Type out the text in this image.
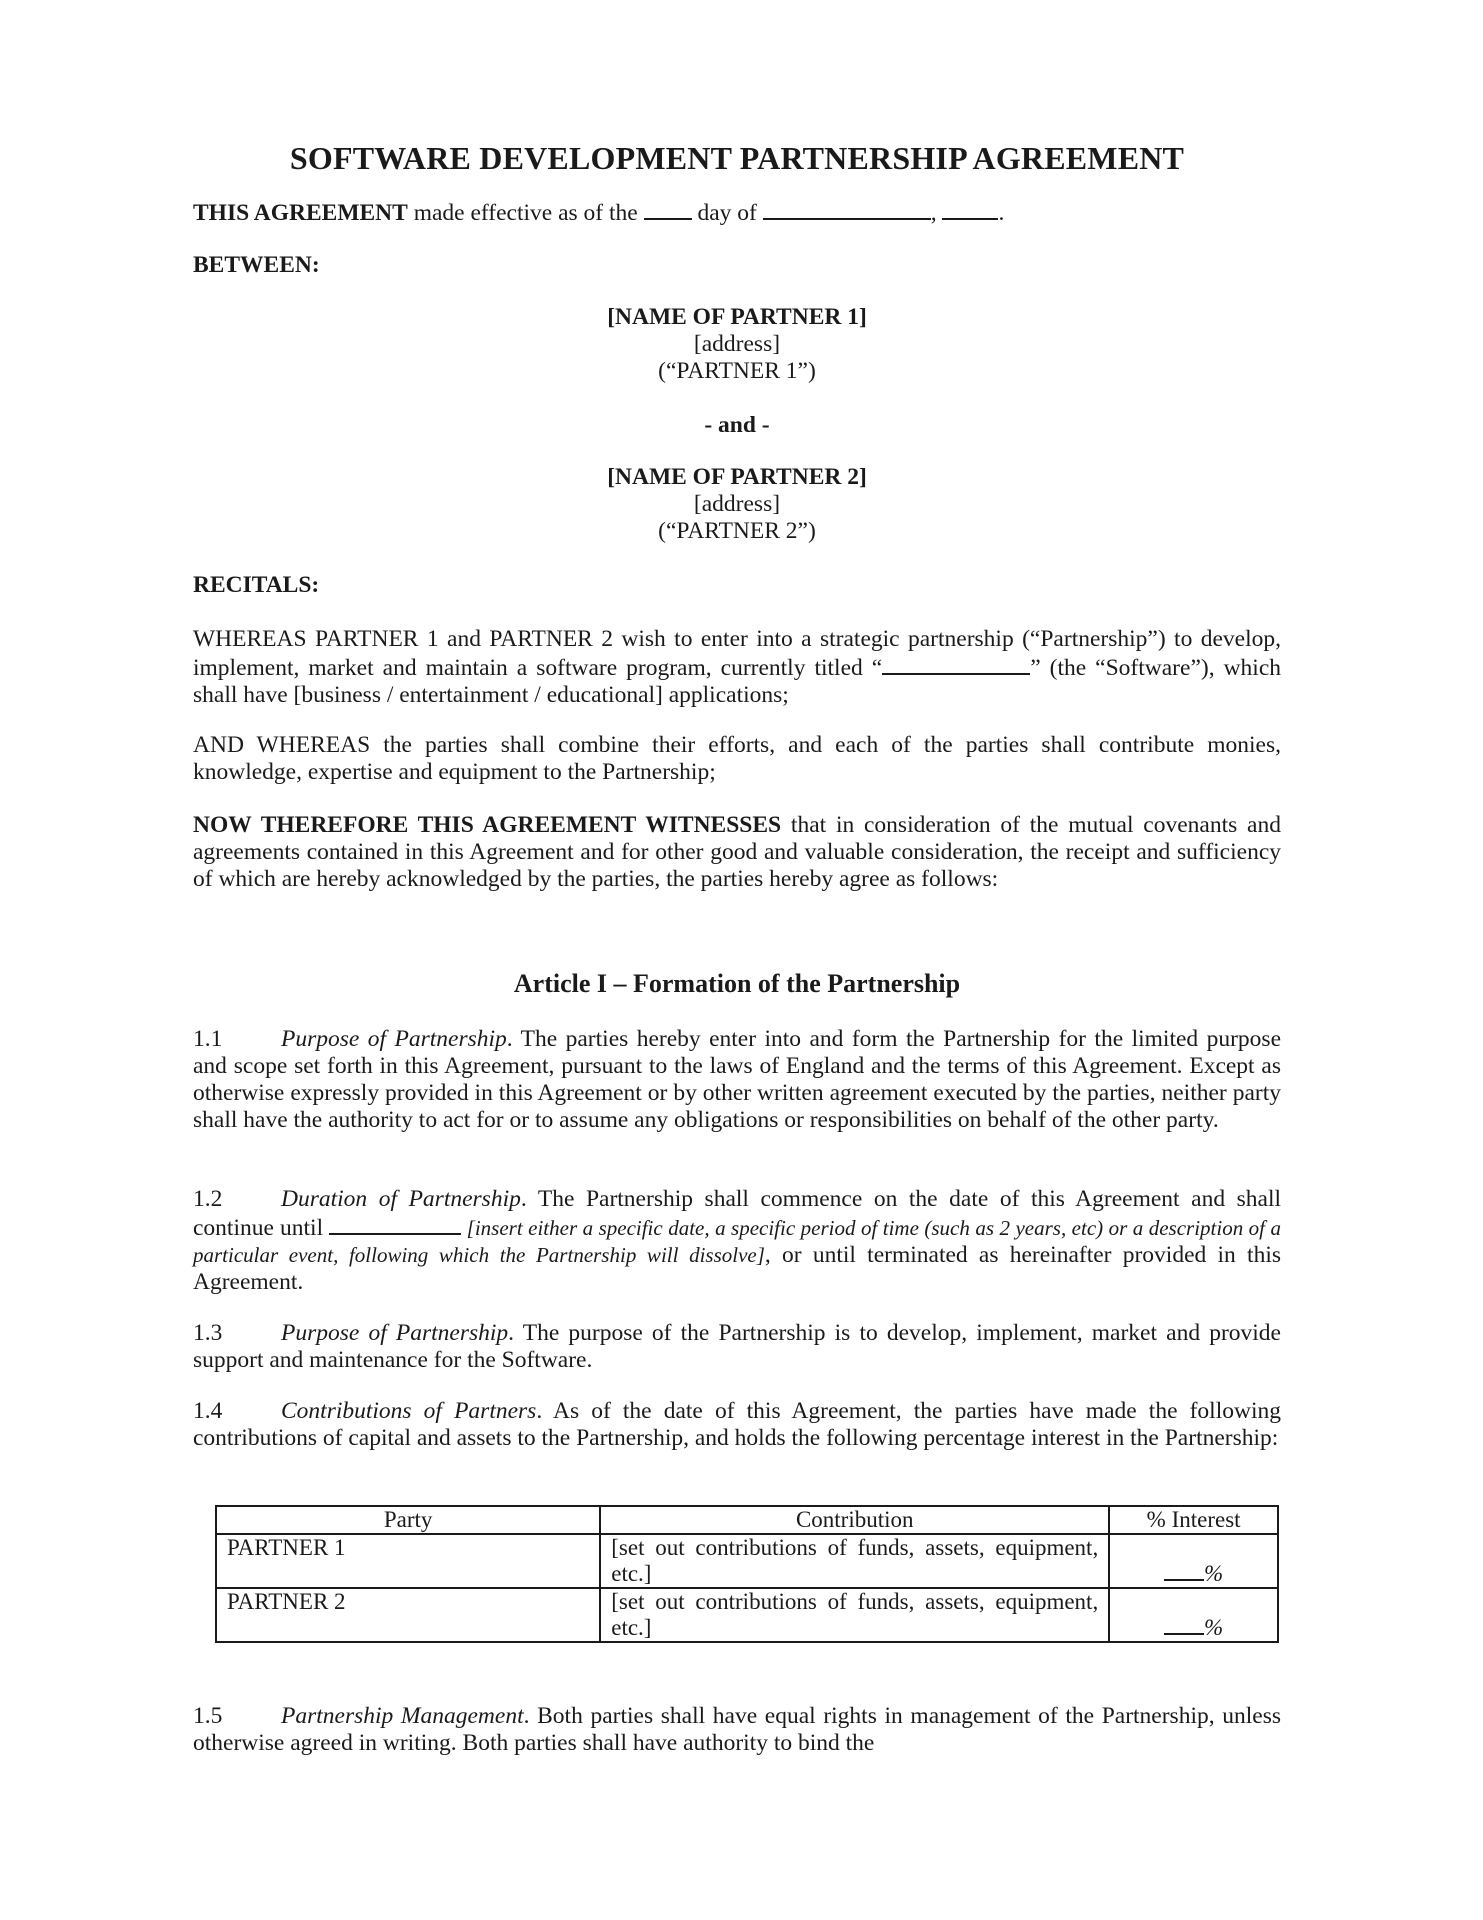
SOFTWARE DEVELOPMENT PARTNERSHIP AGREEMENT
THIS AGREEMENT made effective as of the  day of	, .
BETWEEN:
[NAME OF PARTNER 1]
[address]
(“PARTNER 1”)
- and -
[NAME OF PARTNER 2]
[address]
(“PARTNER 2”)
RECITALS:
WHEREAS PARTNER 1 and PARTNER 2 wish to enter into a strategic partnership (“Partnership”) to develop, implement, market and maintain a software program, currently titled “	” (the “Software”), which shall have [business / entertainment / educational] applications;
AND WHEREAS the parties shall combine their efforts, and each of the parties shall contribute monies, knowledge, expertise and equipment to the Partnership;
NOW THEREFORE THIS AGREEMENT WITNESSES that in consideration of the mutual covenants and agreements contained in this Agreement and for other good and valuable consideration, the receipt and sufficiency of which are hereby acknowledged by the parties, the parties hereby agree as follows:
Article I – Formation of the Partnership
1.1 Purpose of Partnership. The parties hereby enter into and form the Partnership for the limited purpose and scope set forth in this Agreement, pursuant to the laws of England and the terms of this Agreement. Except as otherwise expressly provided in this Agreement or by other written agreement executed by the parties, neither party shall have the authority to act for or to assume any obligations or responsibilities on behalf of the other party.
1.2 Duration of Partnership. The Partnership shall commence on the date of this Agreement and shall continue until	[insert either a specific date, a specific period of time (such as 2 years, etc) or a description of a particular event, following which the Partnership will dissolve], or until terminated as hereinafter provided in this Agreement.
1.3 Purpose of Partnership. The purpose of the Partnership is to develop, implement, market and provide support and maintenance for the Software.
1.4 Contributions of Partners. As of the date of this Agreement, the parties have made the following contributions of capital and assets to the Partnership, and holds the following percentage interest in the Partnership:
Party	Contribution	% Interest
PARTNER 1	[set out contributions of funds, assets, equipment, etc.]	%
PARTNER 2	[set out contributions of funds, assets, equipment, etc.]	%
1.5 Partnership Management. Both parties shall have equal rights in management of the Partnership, unless otherwise agreed in writing. Both parties shall have authority to bind the
